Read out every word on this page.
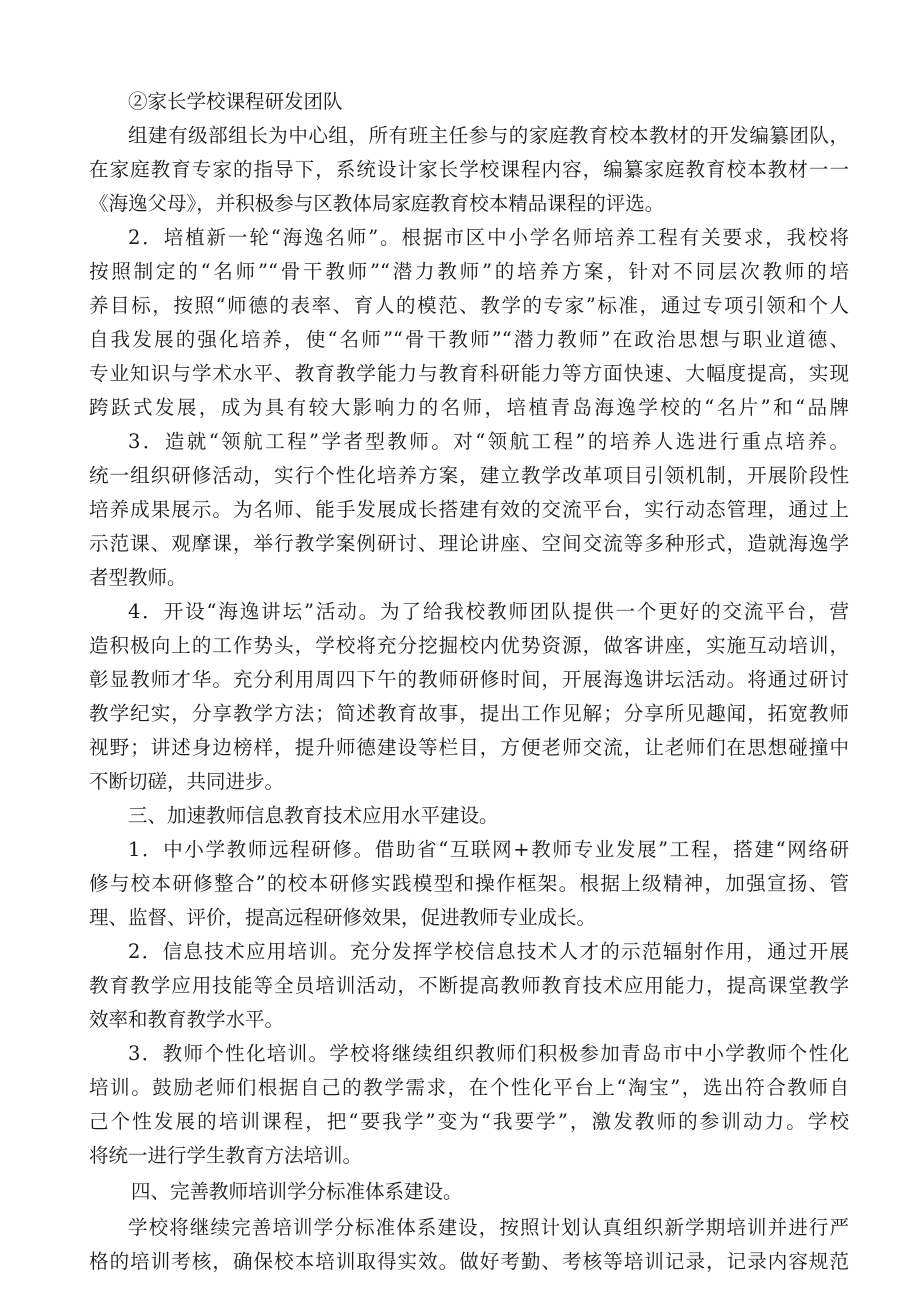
②家长学校课程研发团队
组建有级部组长为中心组，所有班主任参与的家庭教育校本教材的开发编纂团队，
在家庭教育专家的指导下，系统设计家长学校课程内容，编纂家庭教育校本教材一一
《海逸父母》，并积极参与区教体局家庭教育校本精品课程的评选。
2．培植新一轮“海逸名师”。根据市区中小学名师培养工程有关要求，我校将
按照制定的“名师”“骨干教师”“潜力教师”的培养方案，针对不同层次教师的培
养目标，按照“师德的表率、育人的模范、教学的专家”标准，通过专项引领和个人
自我发展的强化培养，使“名师”“骨干教师”“潜力教师”在政治思想与职业道德、
专业知识与学术水平、教育教学能力与教育科研能力等方面快速、大幅度提高，实现
跨跃式发展，成为具有较大影响力的名师，培植青岛海逸学校的“名片”和“品牌
3．造就“领航工程”学者型教师。对“领航工程”的培养人选进行重点培养。
统一组织研修活动，实行个性化培养方案，建立教学改革项目引领机制，开展阶段性
培养成果展示。为名师、能手发展成长搭建有效的交流平台，实行动态管理，通过上
示范课、观摩课，举行教学案例研讨、理论讲座、空间交流等多种形式，造就海逸学
者型教师。
4．开设“海逸讲坛”活动。为了给我校教师团队提供一个更好的交流平台，营
造积极向上的工作势头，学校将充分挖掘校内优势资源，做客讲座，实施互动培训，
彰显教师才华。充分利用周四下午的教师研修时间，开展海逸讲坛活动。将通过研讨
教学纪实，分享教学方法；简述教育故事，提出工作见解；分享所见趣闻，拓宽教师
视野；讲述身边榜样，提升师德建设等栏目，方便老师交流，让老师们在思想碰撞中
不断切磋，共同进步。
三、加速教师信息教育技术应用水平建设。
1．中小学教师远程研修。借助省“互联网+教师专业发展”工程，搭建“网络研
修与校本研修整合”的校本研修实践模型和操作框架。根据上级精神，加强宣扬、管
理、监督、评价，提高远程研修效果，促进教师专业成长。
2．信息技术应用培训。充分发挥学校信息技术人才的示范辐射作用，通过开展
教育教学应用技能等全员培训活动，不断提高教师教育技术应用能力，提高课堂教学
效率和教育教学水平。
3．教师个性化培训。学校将继续组织教师们积极参加青岛市中小学教师个性化
培训。鼓励老师们根据自己的教学需求，在个性化平台上“淘宝”，选出符合教师自
己个性发展的培训课程，把“要我学”变为“我要学”，激发教师的参训动力。学校
将统一进行学生教育方法培训。
四、完善教师培训学分标准体系建设。
学校将继续完善培训学分标准体系建设，按照计划认真组织新学期培训并进行严
格的培训考核，确保校本培训取得实效。做好考勤、考核等培训记录，记录内容规范
